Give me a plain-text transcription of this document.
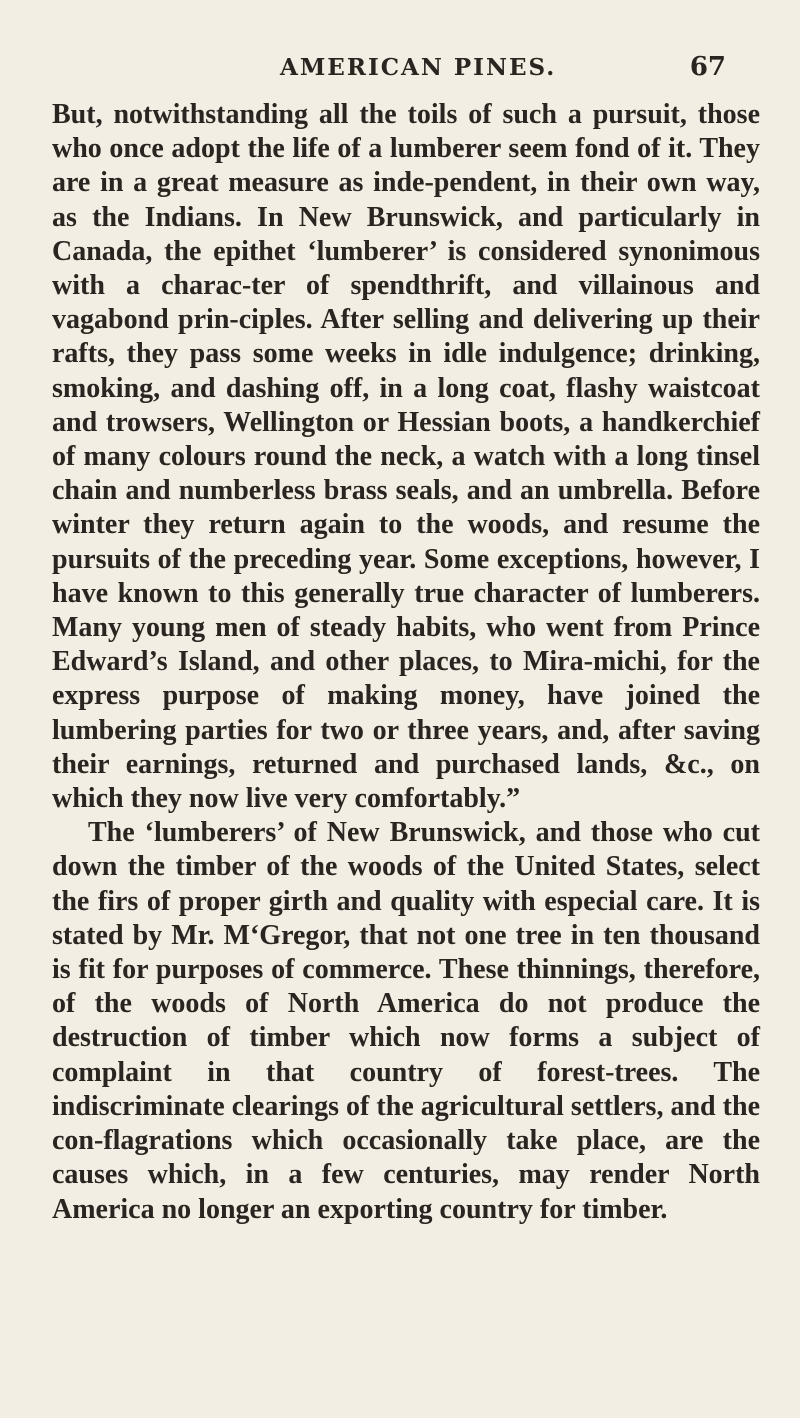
AMERICAN PINES.	67

But, notwithstanding all the toils of such a pursuit, those who once adopt the life of a lumberer seem fond of it. They are in a great measure as inde-pendent, in their own way, as the Indians. In New Brunswick, and particularly in Canada, the epithet ‘lumberer’ is considered synonimous with a charac-ter of spendthrift, and villainous and vagabond prin-ciples. After selling and delivering up their rafts, they pass some weeks in idle indulgence; drinking, smoking, and dashing off, in a long coat, flashy waistcoat and trowsers, Wellington or Hessian boots, a handkerchief of many colours round the neck, a watch with a long tinsel chain and numberless brass seals, and an umbrella. Before winter they return again to the woods, and resume the pursuits of the preceding year. Some exceptions, however, I have known to this generally true character of lumberers. Many young men of steady habits, who went from Prince Edward’s Island, and other places, to Mira-michi, for the express purpose of making money, have joined the lumbering parties for two or three years, and, after saving their earnings, returned and purchased lands, &c., on which they now live very comfortably.”

The ‘lumberers’ of New Brunswick, and those who cut down the timber of the woods of the United States, select the firs of proper girth and quality with especial care. It is stated by Mr. M‘Gregor, that not one tree in ten thousand is fit for purposes of commerce. These thinnings, therefore, of the woods of North America do not produce the destruction of timber which now forms a subject of complaint in that country of forest-trees. The indiscriminate clearings of the agricultural settlers, and the con-flagrations which occasionally take place, are the causes which, in a few centuries, may render North America no longer an exporting country for timber.
